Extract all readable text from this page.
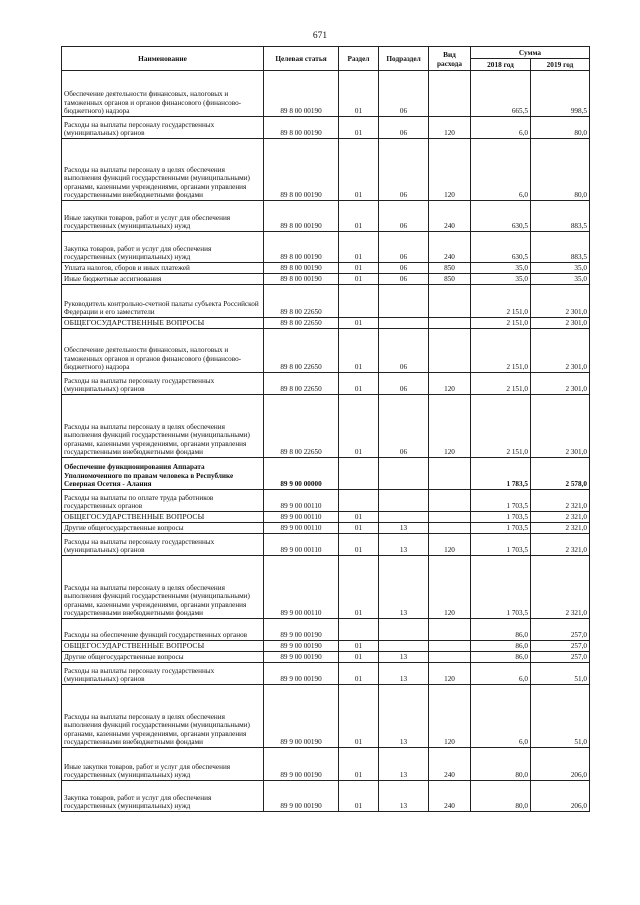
671
Наименование	Целевая статья	Раздел	Подраздел	Вид расхода	Сумма	
					2018 год	2019 год
Обеспечение деятельности финансовых, налоговых и таможенных органов и органов финансового (финансово-бюджетного) надзора	89 8 00 00190	01	06		665,5	998,5
Расходы на выплаты персоналу государственных (муниципальных) органов	89 8 00 00190	01	06	120	6,0	80,0
Расходы на выплаты персоналу в целях обеспечения выполнения функций государственными (муниципальными) органами, казенными учреждениями, органами управления государственными внебюджетными фондами	89 8 00 00190	01	06	120	6,0	80,0
Иные закупки товаров, работ и услуг для обеспечения государственных (муниципальных) нужд	89 8 00 00190	01	06	240	630,5	883,5
Закупка товаров, работ и услуг для обеспечения государственных (муниципальных) нужд	89 8 00 00190	01	06	240	630,5	883,5
Уплата налогов, сборов и иных платежей	89 8 00 00190	01	06	850	35,0	35,0
Иные бюджетные ассигнования	89 8 00 00190	01	06	850	35,0	35,0
Руководитель контрольно-счетной палаты субъекта Российской Федерации и его заместители	89 8 00 22650				2 151,0	2 301,0
ОБЩЕГОСУДАРСТВЕННЫЕ ВОПРОСЫ	89 8 00 22650	01			2 151,0	2 301,0
Обеспечение деятельности финансовых, налоговых и таможенных органов и органов финансового (финансово-бюджетного) надзора	89 8 00 22650	01	06		2 151,0	2 301,0
Расходы на выплаты персоналу государственных (муниципальных) органов	89 8 00 22650	01	06	120	2 151,0	2 301,0
Расходы на выплаты персоналу в целях обеспечения выполнения функций государственными (муниципальными) органами, казенными учреждениями, органами управления государственными внебюджетными фондами	89 8 00 22650	01	06	120	2 151,0	2 301,0
Обеспечение функционирования Аппарата Уполномоченного по правам человека в Республике Северная Осетия - Алания	89 9 00 00000				1 783,5	2 578,0
Расходы на выплаты по оплате труда работников государственных органов	89 9 00 00110				1 703,5	2 321,0
ОБЩЕГОСУДАРСТВЕННЫЕ ВОПРОСЫ	89 9 00 00110	01			1 703,5	2 321,0
Другие общегосударственные вопросы	89 9 00 00110	01	13		1 703,5	2 321,0
Расходы на выплаты персоналу государственных (муниципальных) органов	89 9 00 00110	01	13	120	1 703,5	2 321,0
Расходы на выплаты персоналу в целях обеспечения выполнения функций государственными (муниципальными) органами, казенными учреждениями, органами управления государственными внебюджетными фондами	89 9 00 00110	01	13	120	1 703,5	2 321,0
Расходы на обеспечение функций государственных органов	89 9 00 00190				86,0	257,0
ОБЩЕГОСУДАРСТВЕННЫЕ ВОПРОСЫ	89 9 00 00190	01			86,0	257,0
Другие общегосударственные вопросы	89 9 00 00190	01	13		86,0	257,0
Расходы на выплаты персоналу государственных (муниципальных) органов	89 9 00 00190	01	13	120	6,0	51,0
Расходы на выплаты персоналу в целях обеспечения выполнения функций государственными (муниципальными) органами, казенными учреждениями, органами управления государственными внебюджетными фондами	89 9 00 00190	01	13	120	6,0	51,0
Иные закупки товаров, работ и услуг для обеспечения государственных (муниципальных) нужд	89 9 00 00190	01	13	240	80,0	206,0
Закупка товаров, работ и услуг для обеспечения государственных (муниципальных) нужд	89 9 00 00190	01	13	240	80,0	206,0
